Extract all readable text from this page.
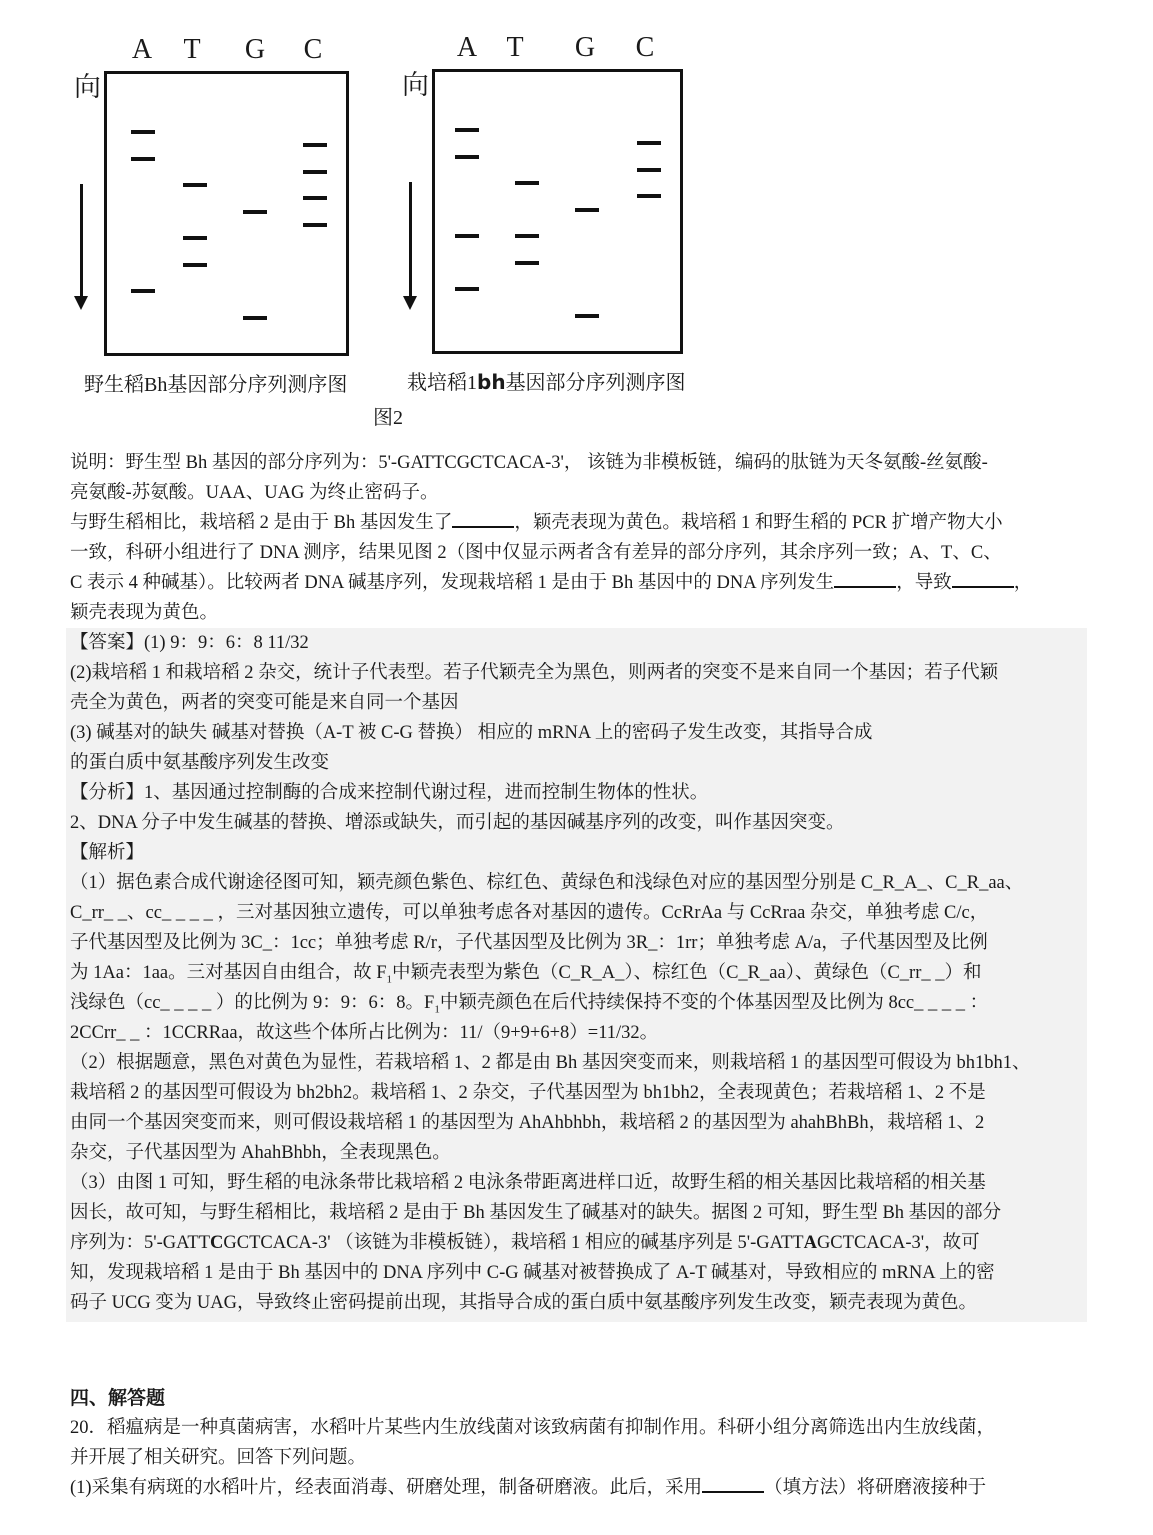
A T G C
向
野生稻Bh基因部分序列测序图
A T G C
向
栽培稻1bh基因部分序列测序图
图2
说明：野生型 Bh 基因的部分序列为：5'-GATTCGCTCACA-3'， 该链为非模板链，编码的肽链为天冬氨酸-丝氨酸-
亮氨酸-苏氨酸。UAA、UAG 为终止密码子。
与野生稻相比，栽培稻 2 是由于 Bh 基因发生了	，颖壳表现为黄色。栽培稻 1 和野生稻的 PCR 扩增产物大小
一致，科研小组进行了 DNA 测序，结果见图 2（图中仅显示两者含有差异的部分序列，其余序列一致；A、T、C、
C 表示 4 种碱基）。比较两者 DNA 碱基序列，发现栽培稻 1 是由于 Bh 基因中的 DNA 序列发生	，导致	，
颖壳表现为黄色。
【答案】(1) 9：9：6：8 11/32
(2)栽培稻 1 和栽培稻 2 杂交，统计子代表型。若子代颖壳全为黑色，则两者的突变不是来自同一个基因；若子代颖
壳全为黄色，两者的突变可能是来自同一个基因
(3) 碱基对的缺失 碱基对替换（A-T 被 C-G 替换） 相应的 mRNA 上的密码子发生改变，其指导合成
的蛋白质中氨基酸序列发生改变
【分析】1、基因通过控制酶的合成来控制代谢过程，进而控制生物体的性状。
2、DNA 分子中发生碱基的替换、增添或缺失，而引起的基因碱基序列的改变，叫作基因突变。
【解析】
（1）据色素合成代谢途径图可知，颖壳颜色紫色、棕红色、黄绿色和浅绿色对应的基因型分别是 C_R_A_、C_R_aa、
C_rr_ _、cc_ _ _ _ ，三对基因独立遗传，可以单独考虑各对基因的遗传。CcRrAa 与 CcRraa 杂交，单独考虑 C/c，
子代基因型及比例为 3C_：1cc；单独考虑 R/r，子代基因型及比例为 3R_：1rr；单独考虑 A/a，子代基因型及比例
为 1Aa：1aa。三对基因自由组合，故 $F_1$中颖壳表型为紫色（C_R_A_）、棕红色（C_R_aa）、黄绿色（C_rr_ _）和
浅绿色（cc_ _ _ _ ）的比例为 9：9：6：8。$F_1$中颖壳颜色在后代持续保持不变的个体基因型及比例为 8cc_ _ _ _ ：
2CCrr_ _ ：1CCRRaa，故这些个体所占比例为：11/（9+9+6+8）=11/32。
（2）根据题意，黑色对黄色为显性，若栽培稻 1、2 都是由 Bh 基因突变而来，则栽培稻 1 的基因型可假设为 bh1bh1、
栽培稻 2 的基因型可假设为 bh2bh2。栽培稻 1、2 杂交，子代基因型为 bh1bh2，全表现黄色；若栽培稻 1、2 不是
由同一个基因突变而来，则可假设栽培稻 1 的基因型为 AhAhbhbh，栽培稻 2 的基因型为 ahahBhBh，栽培稻 1、2
杂交，子代基因型为 AhahBhbh，全表现黑色。
（3）由图 1 可知，野生稻的电泳条带比栽培稻 2 电泳条带距离进样口近，故野生稻的相关基因比栽培稻的相关基
因长，故可知，与野生稻相比，栽培稻 2 是由于 Bh 基因发生了碱基对的缺失。据图 2 可知，野生型 Bh 基因的部分
序列为：5'-GATTCGCTCACA-3' （该链为非模板链），栽培稻 1 相应的碱基序列是 5'-GATTAGCTCACA-3'，故可
知，发现栽培稻 1 是由于 Bh 基因中的 DNA 序列中 C-G 碱基对被替换成了 A-T 碱基对，导致相应的 mRNA 上的密
码子 UCG 变为 UAG，导致终止密码提前出现，其指导合成的蛋白质中氨基酸序列发生改变，颖壳表现为黄色。
四、解答题
20．稻瘟病是一种真菌病害，水稻叶片某些内生放线菌对该致病菌有抑制作用。科研小组分离筛选出内生放线菌，
并开展了相关研究。回答下列问题。
(1)采集有病斑的水稻叶片，经表面消毒、研磨处理，制备研磨液。此后，采用	（填方法）将研磨液接种于
